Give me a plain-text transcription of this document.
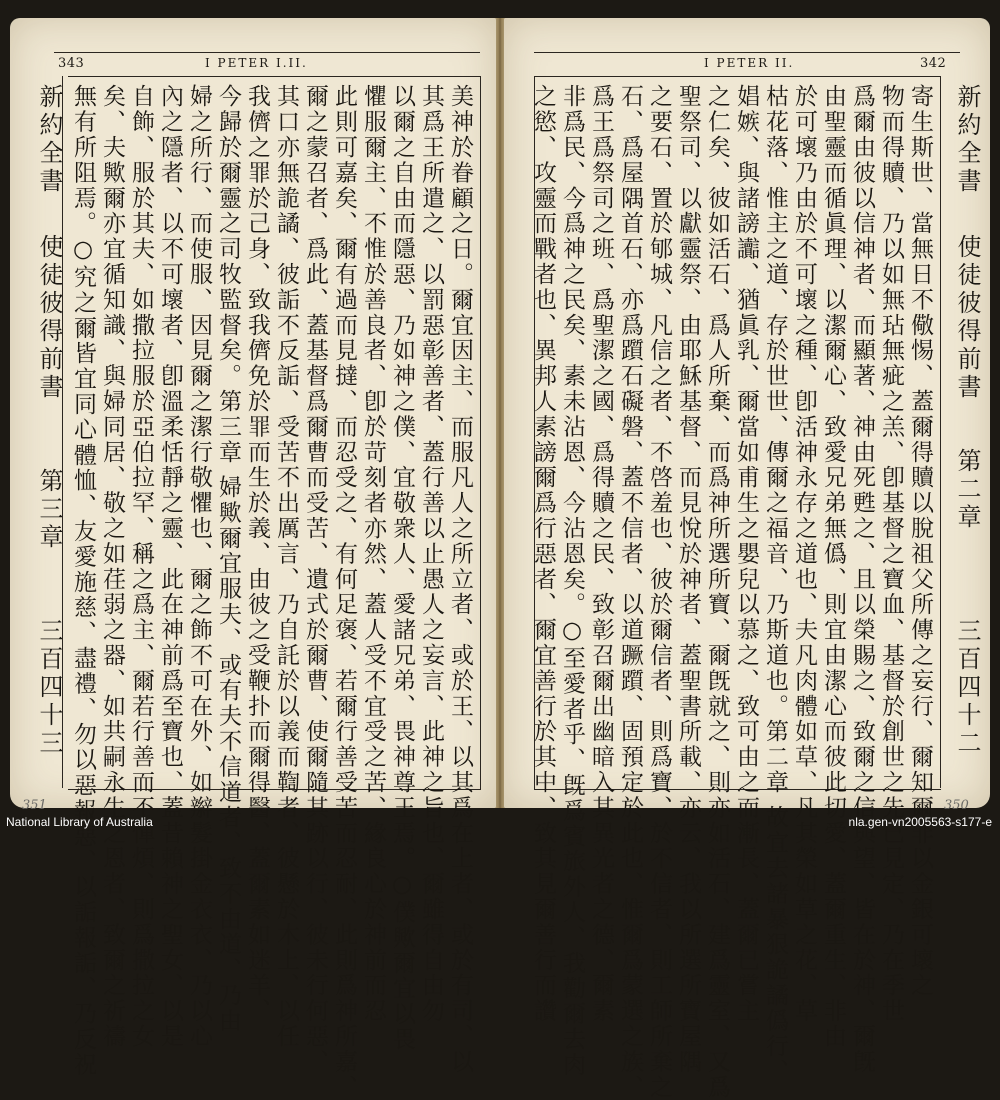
343	I PETER I.II.
新約全書
使徒彼得前書
第三章
三百四十三	美神於眷顧之日。爾宜因主、而服凡人之所立者、或於王、以其爲在上者、或於有司、以
其爲王所遣之、以罰惡彰善者、蓋行善以止愚人之妄言、此神之旨也、爾雖得自由勿
以爾之自由而隱惡、乃如神之僕、宜敬衆人、愛諸兄弟、畏神尊王焉。○僕歟爾宜以畏
懼服爾主、不惟於善良者、卽於苛刻者亦然、蓋人受不宜受之苦、緣良心於神前而忍
此則可嘉矣、爾有過而見撻、而忍受之、有何足褒、若爾行善受苦而忍耐、此則爲神所嘉、
爾之蒙召者、爲此、蓋基督爲爾曹而受苦、遺式於爾曹、使爾隨其跡以行、彼未行何惡、
其口亦無詭譎、彼詬不反詬、受苦不出厲言、乃自託於以義而鞫者、彼懸於木上、以任
我儕之罪於己身、致我儕免於罪而生於義、由彼之受鞭扑而爾得醫、蓋爾素如迷羊、
今歸於爾靈之司牧監督矣。第三章 婦歟爾宜服夫、或有夫不信道者、致不由道、乃由
婦之所行、而使服、因見爾之潔行敬懼也、爾之飾不可在外、如辮髮掛金衣衣、乃以心
內之隱者、以不可壞者、卽溫柔恬靜之靈、此在神前爲至寶也、蓋昔賴神之聖女、以是
自飾、服於其夫、如撒拉服於亞伯拉罕、稱之爲主、爾若行善而不憚煩、則爲撒拉之女
矣、夫歟爾亦宜循知識、與婦同居、敬之如荏弱之器、如共嗣永生之恩者、致爾之祈禱
無有所阻焉。○究之爾皆宜同心體恤、友愛施慈、盡禮、勿以惡報惡、以詬報詬、乃反祝
351
I PETER II.	342
新約全書
使徒彼得前書
第二章
三百四十二
寄生斯世、當無日不儆惕、蓋爾得贖以脫祖父所傳之妄行、爾知爾非以金銀可壞之
物而得贖、乃以如無玷無疵之羔、卽基督之寶血、基督於創世之先已見定、乃在季世
爲爾由彼以信神者、而顯著、神由死甦之、且以榮賜之、致爾之信與望、皆在於神、爾旣
由聖靈而循眞理、以潔爾心、致愛兄弟無僞、則宜由潔心而彼此切愛、蓋爾重生、非由
於可壞乃由於不可壞之種、卽活神永存之道也、夫凡肉體如草、凡其榮如草之花、草
枯花落、惟主之道、存於世世、傳爾之福音、乃斯道也。第二章 故宜去諸暴狠詭譎僞行、
娼嫉、與諸謗讟、猶眞乳、爾當如甫生之嬰兒以慕之、致可由之而漸長、蓋爾已嘗主
之仁矣、彼如活石、爲人所棄、而爲神所選所寶、爾旣就之、則亦如活石、建爲靈室、又爲
聖祭司、以獻靈祭、由耶穌基督、而見悅於神者、蓋聖書所載、亦云、我以所選所寶屋隅
之要石、置於郇城、凡信之者、不啓羞也、彼於爾信者、則爲寶、於不信者、則工師所棄之
石、爲屋隅首石、亦爲躓石礙磐、蓋不信者、以道蹶躓、固預定於此也、惟爾爲蒙選之族、
爲王爲祭司之班、爲聖潔之國、爲得贖之民、致彰召爾出幽暗入其異光者之德、爾素
非爲民、今爲神之民矣、素未沾恩、今沾恩矣。○至愛者乎、旣爲賓旅外人、我勸爾去肉
之慾、攻靈而戰者也、異邦人素謗爾爲行惡者、爾宜善行於其中、致其見爾善行而讚	350
National Library of Australia	nla.gen-vn2005563-s177-e
